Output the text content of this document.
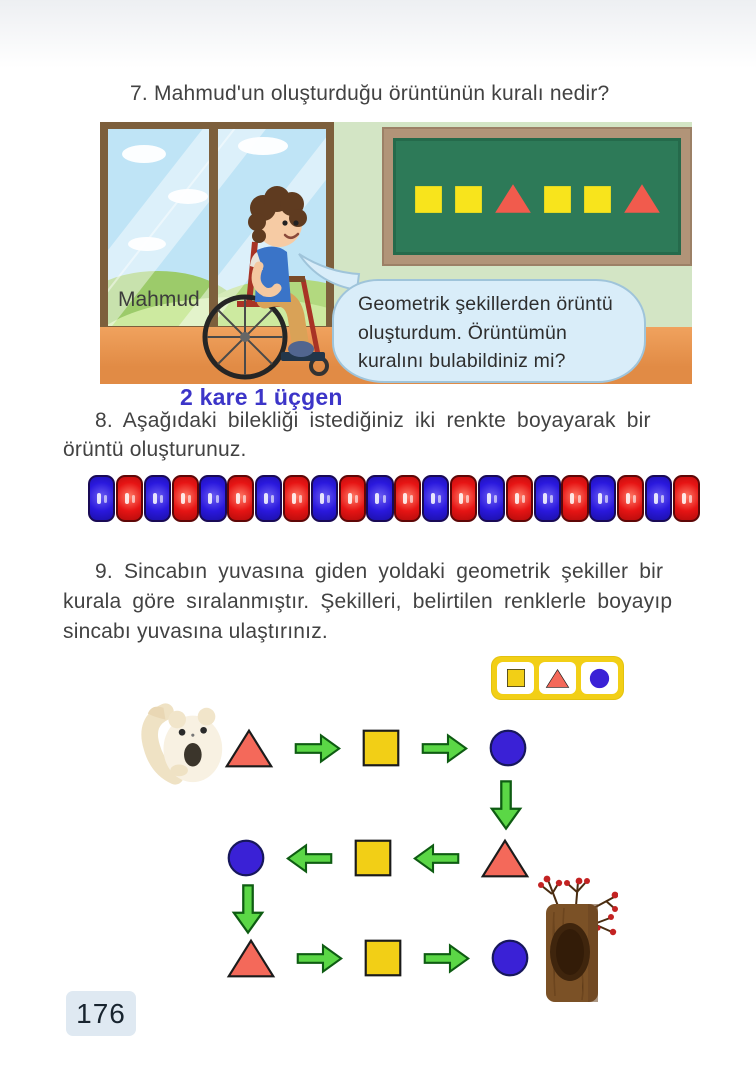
7. Mahmud'un oluşturduğu örüntünün kuralı nedir?
Mahmud	Geometrik şekillerden örüntü

oluşturdum. Örüntümün

kuralını bulabildiniz mi?

2 kare 1 üçgen
8. Aşağıdaki bilekliği istediğiniz iki renkte boyayarak bir
örüntü oluşturunuz.
9. Sincabın yuvasına giden yoldaki geometrik şekiller bir
kurala göre sıralanmıştır. Şekilleri, belirtilen renklerle boyayıp
sincabı yuvasına ulaştırınız.
176
